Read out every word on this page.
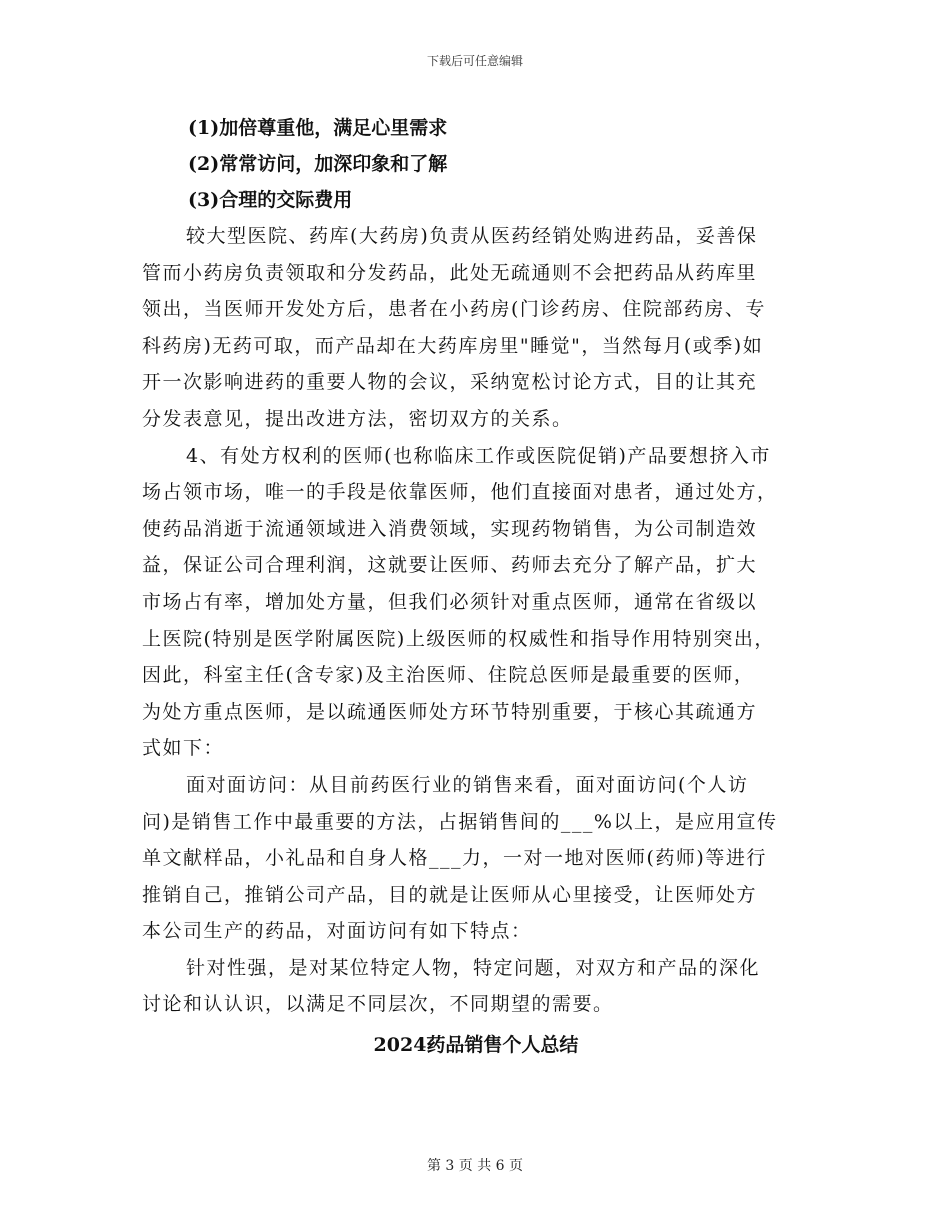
下载后可任意编辑
(1)加倍尊重他，满足心里需求
(2)常常访问，加深印象和了解
(3)合理的交际费用

较大型医院、药库(大药房)负责从医药经销处购进药品，妥善保
管而小药房负责领取和分发药品，此处无疏通则不会把药品从药库里
领出，当医师开发处方后，患者在小药房(门诊药房、住院部药房、专
科药房)无药可取，而产品却在大药库房里"睡觉"，当然每月(或季)如
开一次影响进药的重要人物的会议，采纳宽松讨论方式，目的让其充
分发表意见，提出改进方法，密切双方的关系。

4、有处方权利的医师(也称临床工作或医院促销)产品要想挤入市
场占领市场，唯一的手段是依靠医师，他们直接面对患者，通过处方，
使药品消逝于流通领域进入消费领域，实现药物销售，为公司制造效
益，保证公司合理利润，这就要让医师、药师去充分了解产品，扩大
市场占有率，增加处方量，但我们必须针对重点医师，通常在省级以
上医院(特别是医学附属医院)上级医师的权威性和指导作用特别突出，
因此，科室主任(含专家)及主治医师、住院总医师是最重要的医师，
为处方重点医师，是以疏通医师处方环节特别重要，于核心其疏通方
式如下：

面对面访问：从目前药医行业的销售来看，面对面访问(个人访
问)是销售工作中最重要的方法，占据销售间的___%以上，是应用宣传
单文献样品，小礼品和自身人格___力，一对一地对医师(药师)等进行
推销自己，推销公司产品，目的就是让医师从心里接受，让医师处方
本公司生产的药品，对面访问有如下特点：

针对性强，是对某位特定人物，特定问题，对双方和产品的深化
讨论和认认识，以满足不同层次，不同期望的需要。

2024药品销售个人总结
第 3 页 共 6 页
